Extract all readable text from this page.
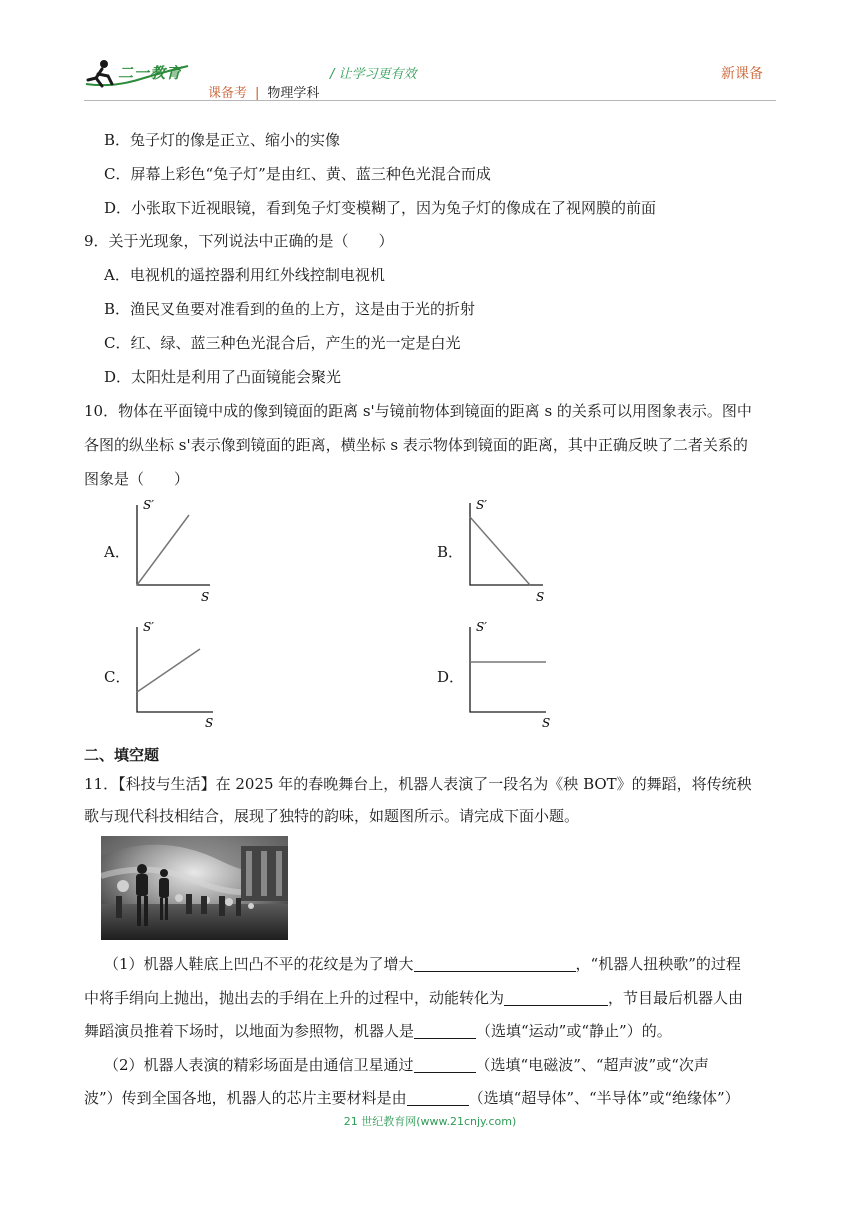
二一教育	/ 让学习更有效	新课备
课备考 | 物理学科
B．兔子灯的像是正立、缩小的实像
C．屏幕上彩色“兔子灯”是由红、黄、蓝三种色光混合而成
D．小张取下近视眼镜，看到兔子灯变模糊了，因为兔子灯的像成在了视网膜的前面
9．关于光现象，下列说法中正确的是（　　）
A．电视机的遥控器利用红外线控制电视机
B．渔民叉鱼要对准看到的鱼的上方，这是由于光的折射
C．红、绿、蓝三种色光混合后，产生的光一定是白光
D．太阳灶是利用了凸面镜能会聚光
10．物体在平面镜中成的像到镜面的距离 s'与镜前物体到镜面的距离 s 的关系可以用图象表示。图中
各图的纵坐标 s'表示像到镜面的距离，横坐标 s 表示物体到镜面的距离，其中正确反映了二者关系的
图象是（　　）
A．
S′
S
B．
S′
S
C．
S′
S
D．
S′
S
二、填空题
11．【科技与生活】在 2025 年的春晚舞台上，机器人表演了一段名为《秧 BOT》的舞蹈，将传统秧
歌与现代科技相结合，展现了独特的韵味，如题图所示。请完成下面小题。
（1）机器人鞋底上凹凸不平的花纹是为了增大	，“机器人扭秧歌”的过程
中将手绢向上抛出，抛出去的手绢在上升的过程中，动能转化为	，节目最后机器人由
舞蹈演员推着下场时，以地面为参照物，机器人是	（选填“运动”或“静止”）的。
（2）机器人表演的精彩场面是由通信卫星通过	（选填“电磁波”、“超声波”或“次声
波”）传到全国各地，机器人的芯片主要材料是由	（选填“超导体”、“半导体”或“绝缘体”）
21 世纪教育网(www.21cnjy.com)
